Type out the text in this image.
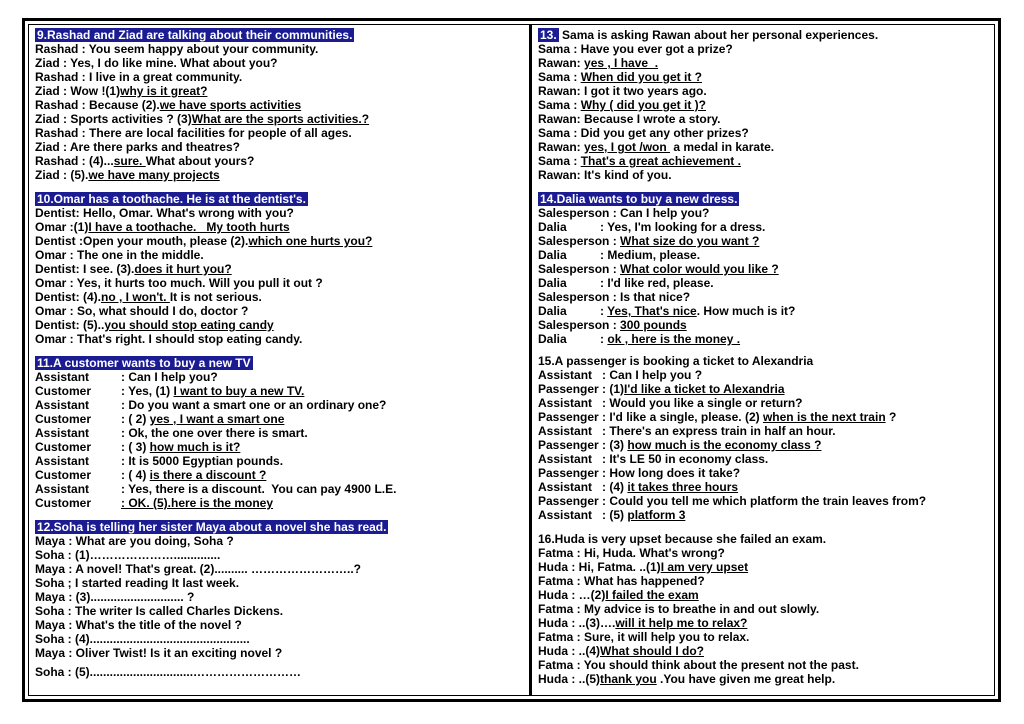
9.Rashad and Ziad are talking about their communities.
Rashad : You seem happy about your community.
Ziad : Yes, I do like mine. What about you?
Rashad : I live in a great community.
Ziad : Wow !(1)why is it great?
Rashad : Because (2).we have sports activities
Ziad : Sports activities ? (3)What are the sports activities.?
Rashad : There are local facilities for people of all ages.
Ziad : Are there parks and theatres?
Rashad : (4)...sure. What about yours?
Ziad : (5).we have many projects
10.Omar has a toothache. He is at the dentist's.
Dentist: Hello, Omar. What's wrong with you?
Omar :(1)I have a toothache.   My tooth hurts
Dentist :Open your mouth, please (2).which one hurts you?
Omar : The one in the middle.
Dentist: I see. (3).does it hurt you?
Omar : Yes, it hurts too much. Will you pull it out ?
Dentist: (4).no , I won't. It is not serious.
Omar : So, what should I do, doctor ?
Dentist: (5)..you should stop eating candy
Omar : That's right. I should stop eating candy.
11.A customer wants to buy a new TV
Assistant	: Can I help you?
Customer	: Yes, (1) I want to buy a new TV.
Assistant	: Do you want a smart one or an ordinary one?
Customer	: ( 2) yes , I want a smart one
Assistant	: Ok, the one over there is smart.
Customer	: ( 3) how much is it?
Assistant	: It is 5000 Egyptian pounds.
Customer	: ( 4) is there a discount ?
Assistant	: Yes, there is a discount.  You can pay 4900 L.E.
Customer	: OK. (5).here is the money
12.Soha is telling her sister Maya about a novel she has read.
Maya : What are you doing, Soha ?
Soha : (1)…………………..............
Maya : A novel! That's great. (2).......... ……………………..?
Soha ; I started reading It last week.
Maya : (3)............................ ?
Soha : The writer Is called Charles Dickens.
Maya : What's the title of the novel ?
Soha : (4)................................................
Maya : Oliver Twist! Is it an exciting novel ?
Soha : (5)...............................………………………
13. Sama is asking Rawan about her personal experiences.
Sama : Have you ever got a prize?
Rawan: yes , I have  .
Sama : When did you get it ?
Rawan: I got it two years ago.
Sama : Why ( did you get it )?
Rawan: Because I wrote a story.
Sama : Did you get any other prizes?
Rawan: yes, I got /won  a medal in karate.
Sama : That's a great achievement .
Rawan: It's kind of you.
14.Dalia wants to buy a new dress.
Salesperson : Can I help you?
Dalia : Yes, I'm looking for a dress.
Salesperson : What size do you want ?
Dalia : Medium, please.
Salesperson : What color would you like ?
Dalia : I'd like red, please.
Salesperson : Is that nice?
Dalia : Yes, That's nice. How much is it?
Salesperson : 300 pounds
Dalia : ok , here is the money .
15.A passenger is booking a ticket to Alexandria
Assistant   : Can I help you ?
Passenger : (1)I'd like a ticket to Alexandria
Assistant   : Would you like a single or return?
Passenger : I'd like a single, please. (2) when is the next train ?
Assistant   : There's an express train in half an hour.
Passenger : (3) how much is the economy class ?
Assistant   : It's LE 50 in economy class.
Passenger : How long does it take?
Assistant   : (4) it takes three hours
Passenger : Could you tell me which platform the train leaves from?
Assistant   : (5) platform 3
16.Huda is very upset because she failed an exam.
Fatma : Hi, Huda. What's wrong?
Huda : Hi, Fatma. ..(1)I am very upset
Fatma : What has happened?
Huda : …(2)I failed the exam
Fatma : My advice is to breathe in and out slowly.
Huda : ..(3)….will it help me to relax?
Fatma : Sure, it will help you to relax.
Huda : ..(4)What should I do?
Fatma : You should think about the present not the past.
Huda : ..(5)thank you .You have given me great help.
